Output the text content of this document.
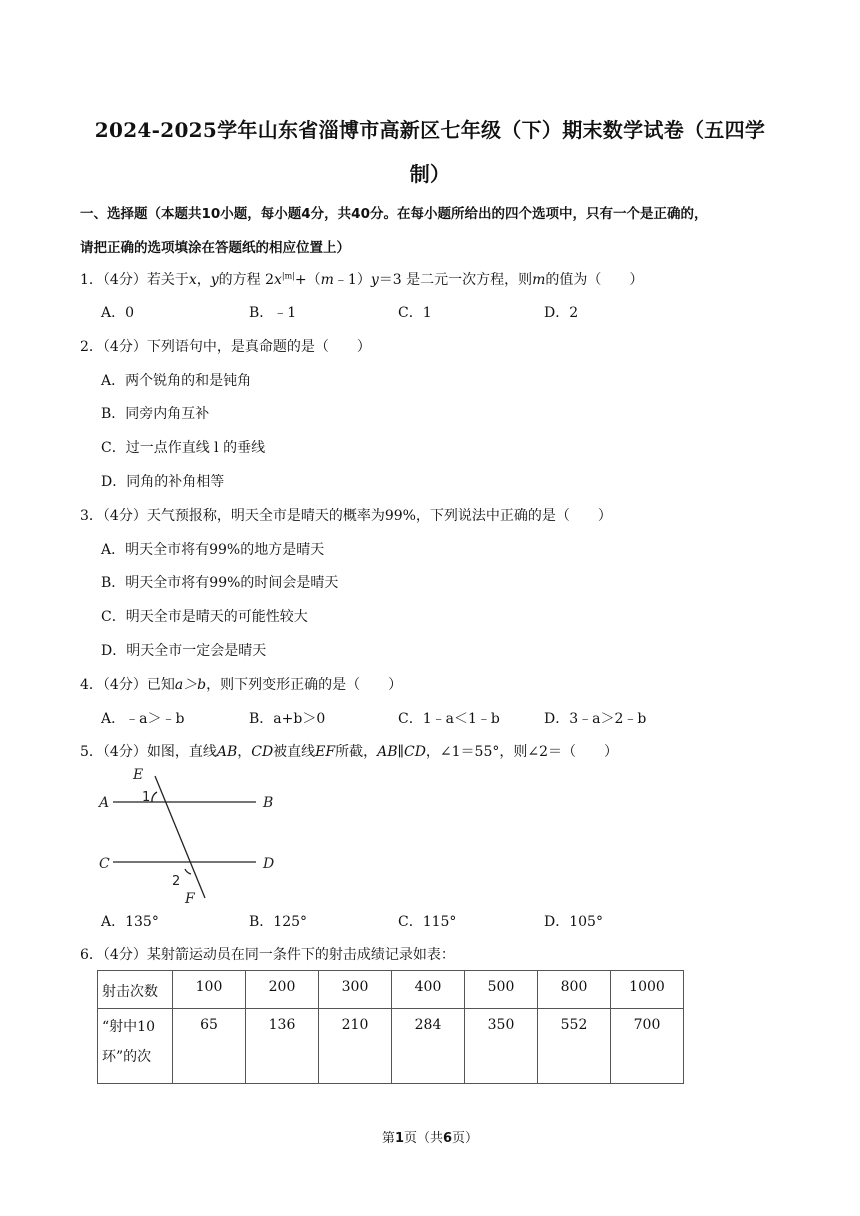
2024-2025学年山东省淄博市高新区七年级（下）期末数学试卷（五四学
制）
一、选择题（本题共10小题，每小题4分，共40分。在每小题所给出的四个选项中，只有一个是正确的，
请把正确的选项填涂在答题纸的相应位置上）
1．（4分）若关于x，y的方程 $2x^{|m|}+(m﹣1)y=3$ 是二元一次方程，则m的值为（　　）
A．0	B．﹣1	C．1	D．2
2．（4分）下列语句中，是真命题的是（　　）
A．两个锐角的和是钝角
B．同旁内角互补
C．过一点作直线 l 的垂线
D．同角的补角相等
3．（4分）天气预报称，明天全市是晴天的概率为99%，下列说法中正确的是（　　）
A．明天全市将有99%的地方是晴天
B．明天全市将有99%的时间会是晴天
C．明天全市是晴天的可能性较大
D．明天全市一定会是晴天
4．（4分）已知a＞b，则下列变形正确的是（　　）
A．﹣a＞﹣b	B．a+b＞0	C．1﹣a＜1﹣b	D．3﹣a＞2﹣b
5．（4分）如图，直线AB，CD被直线EF所截，AB∥CD，∠1＝55°，则∠2＝（　　）
E
A	B
C	D
F
1
2
A．135°	B．125°	C．115°	D．105°
6．（4分）某射箭运动员在同一条件下的射击成绩记录如表：
射击次数	100	200	300	400	500	800	1000

“射中10
环”的次	65	136	210	284	350	552	700
第1页（共6页）
